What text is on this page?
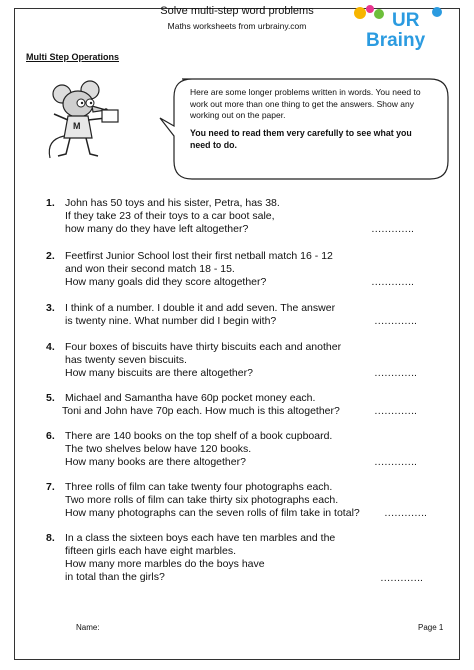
Solve multi-step word problems
Maths worksheets from urbrainy.com	UR
Brainy
Multi Step Operations
M

Here are some longer problems written in words. You need to work out more than one thing to get the answers. Show any working out on the paper.

You need to read them very carefully to see what you need to do.

1. John has 50 toys and his sister, Petra, has 38.
If they take 23 of their toys to a car boot sale,
how many do they have left altogether?	………….
2. Feetfirst Junior School lost their first netball match 16 - 12
and won their second match 18 - 15.
How many goals did they score altogether?	………….
3. I think of a number. I double it and add seven. The answer
is twenty nine. What number did I begin with?	………….
4. Four boxes of biscuits have thirty biscuits each and another
has twenty seven biscuits.
How many biscuits are there altogether?	………….
5. Michael and Samantha have 60p pocket money each.
Toni and John have 70p each. How much is this altogether?	………….
6. There are 140 books on the top shelf of a book cupboard.
The two shelves below have 120 books.
How many books are there altogether?	………….
7. Three rolls of film can take twenty four photographs each.
Two more rolls of film can take thirty six photographs each.
How many photographs can the seven rolls of film take in total? ………….
8. In a class the sixteen boys each have ten marbles and the
fifteen girls each have eight marbles.
How many more marbles do the boys have
in total than the girls?	………….
Name:	Page 1
